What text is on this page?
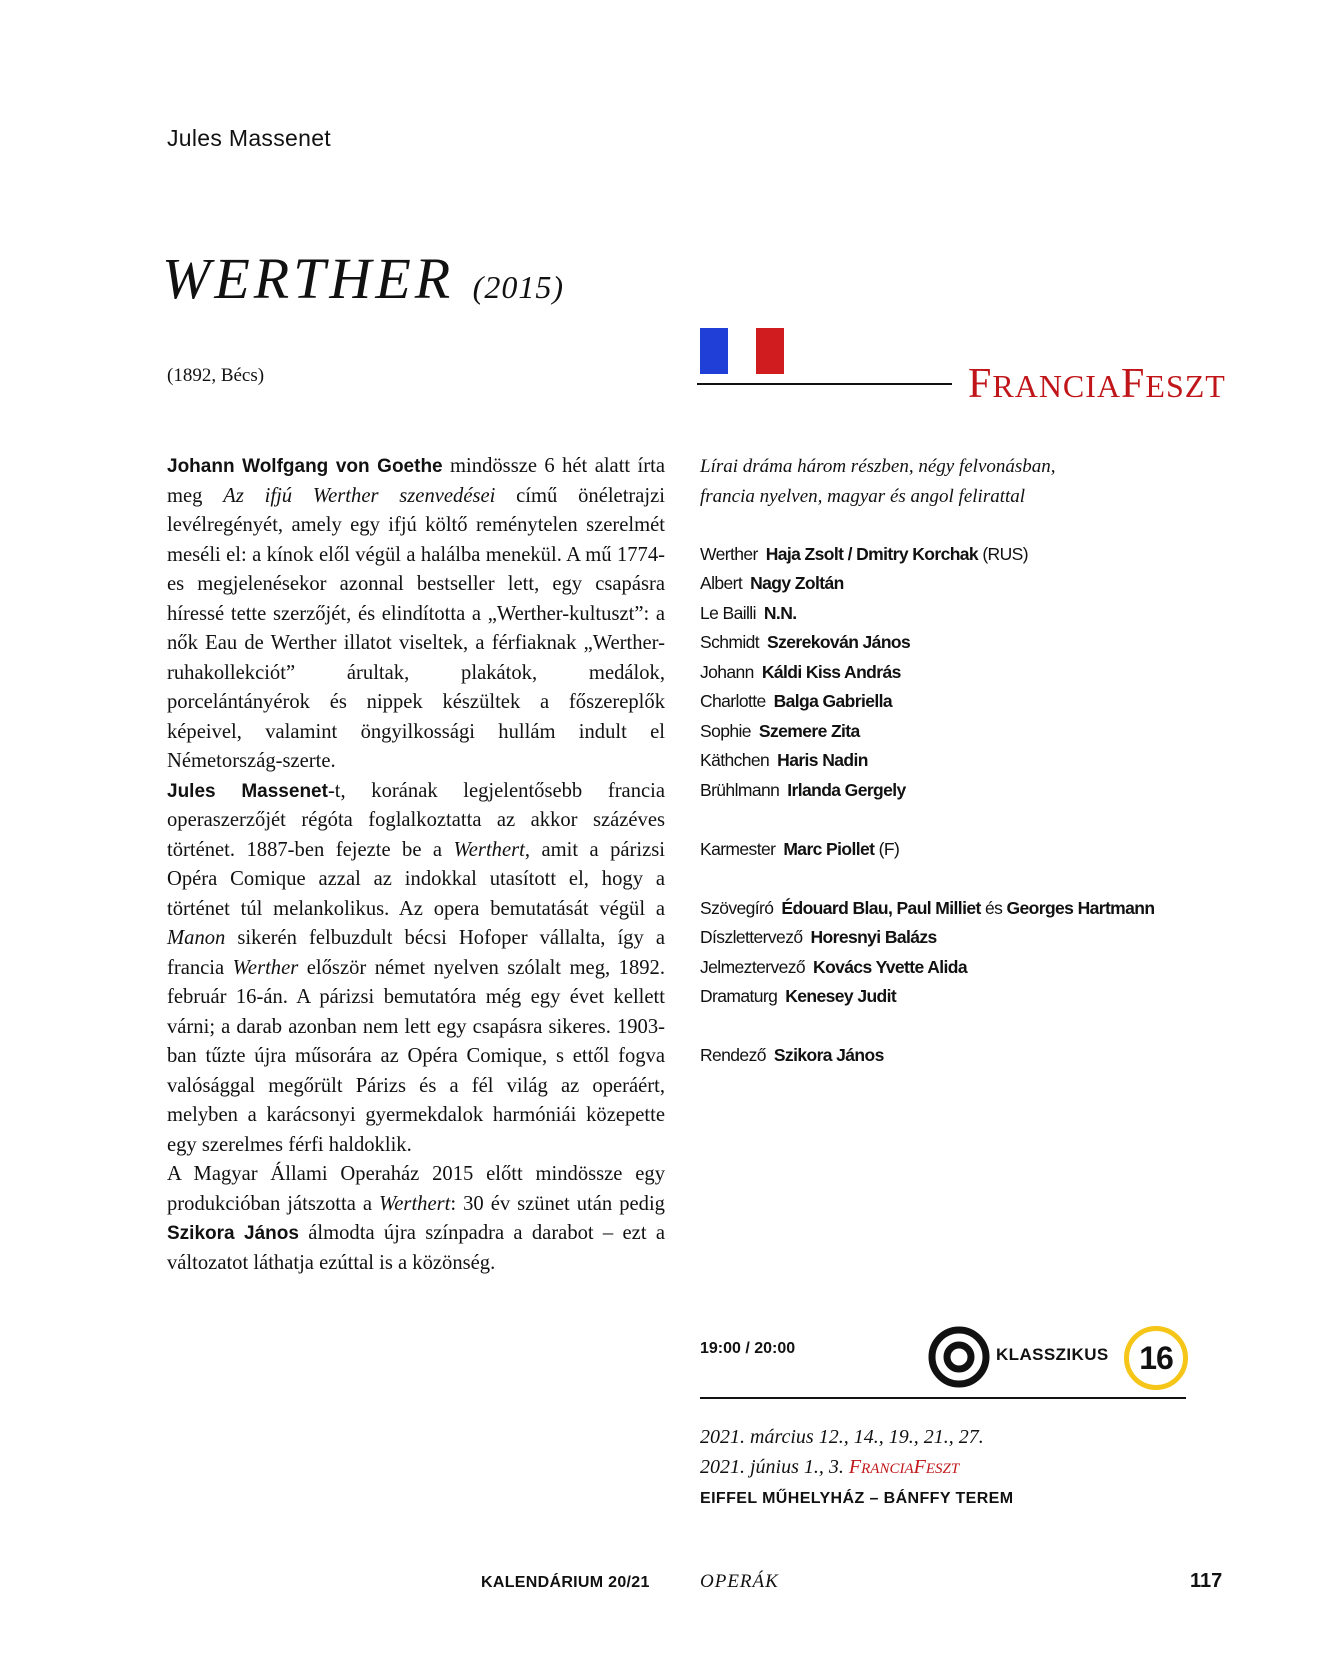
Jules Massenet
WERTHER (2015)
(1892, Bécs)	FRANCIAFESZT

Johann Wolfgang von Goethe mindössze 6 hét alatt írta meg Az ifjú Werther szenvedései című önéletrajzi levélregényét, amely egy ifjú költő reménytelen szerelmét meséli el: a kínok elől végül a halálba menekül. A mű 1774-es megjelenésekor azonnal bestseller lett, egy csapásra híressé tette szerzőjét, és elindította a „Werther-kultuszt”: a nők Eau de Werther illatot viseltek, a férfiaknak „Werther-ruhakollekciót” árultak, plakátok, medálok, porcelántányérok és nippek készültek a főszereplők képeivel, valamint öngyilkossági hullám indult el Németország-szerte.

Jules Massenet-t, korának legjelentősebb francia operaszerzőjét régóta foglalkoztatta az akkor százéves történet. 1887-ben fejezte be a Werthert, amit a párizsi Opéra Comique azzal az indokkal utasított el, hogy a történet túl melankolikus. Az opera bemutatását végül a Manon sikerén felbuzdult bécsi Hofoper vállalta, így a francia Werther először német nyelven szólalt meg, 1892. február 16-án. A párizsi bemutatóra még egy évet kellett várni; a darab azonban nem lett egy csapásra sikeres. 1903-ban tűzte újra műsorára az Opéra Comique, s ettől fogva valósággal megőrült Párizs és a fél világ az operáért, melyben a karácsonyi gyermekdalok harmóniái közepette egy szerelmes férfi haldoklik.

A Magyar Állami Operaház 2015 előtt mindössze egy produkcióban játszotta a Werthert: 30 év szünet után pedig Szikora János álmodta újra színpadra a darabot – ezt a változatot láthatja ezúttal is a közönség.

Lírai dráma három részben, négy felvonásban,
francia nyelven, magyar és angol felirattal
Werther Haja Zsolt / Dmitry Korchak (RUS)
Albert Nagy Zoltán
Le Bailli N.N.
Schmidt Szerekován János
Johann Káldi Kiss András
Charlotte Balga Gabriella
Sophie Szemere Zita
Käthchen Haris Nadin
Brühlmann Irlanda Gergely
Karmester Marc Piollet (F)
Szövegíró Édouard Blau, Paul Milliet és Georges Hartmann
Díszlettervező Horesnyi Balázs
Jelmeztervező Kovács Yvette Alida
Dramaturg Kenesey Judit
Rendező Szikora János
19:00 / 20:00	KLASSZIKUS 16
2021. március 12., 14., 19., 21., 27.
2021. június 1., 3. FRANCIAFESZT
EIFFEL MŰHELYHÁZ – BÁNFFY TEREM
KALENDÁRIUM 20/21	OPERÁK	117
